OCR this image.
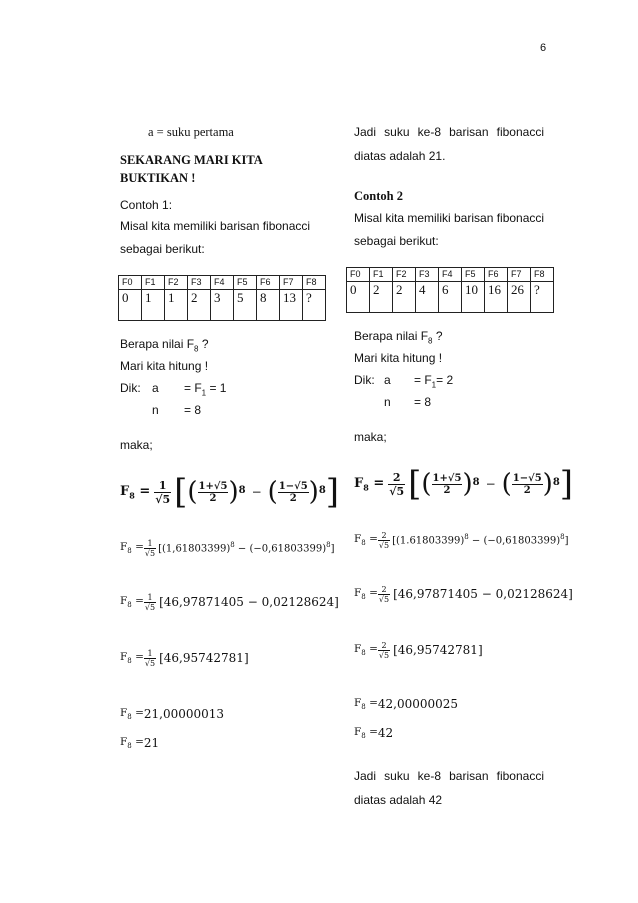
6
a = suku pertama
SEKARANG MARI KITA
BUKTIKAN !
Contoh 1:
Misal kita memiliki barisan fibonacci
sebagai berikut:
F0	F1	F2	F3	F4	F5	F6	F7	F8
0	1	1	2	3	5	8	13	?
Berapa nilai $F_8$ ?
Mari kita hitung !
Dik: $a = F_1 = 1$
n = 8
maka;
$F_8 = \frac{1}{√5}$ [ ( 1+√5
2 ) 8 − ( 1−√5
2 ) 8 ]
$F_8 = \frac{1}{√5} [(1,61803399)^8 - (-0,61803399)^8]$
$F_8 = \frac{1}{√5} [46,97871405 - 0,02128624]$
$F_8 = \frac{1}{√5} [46,95742781]$
$F_8 = 21,00000013$
$F_8 = 21$
Jadi suku ke-8 barisan fibonacci
diatas adalah 21.
Contoh 2
Misal kita memiliki barisan fibonacci
sebagai berikut:
F0	F1	F2	F3	F4	F5	F6	F7	F8
0	2	2	4	6	10	16	26	?
Berapa nilai $F_8$ ?
Mari kita hitung !
Dik: $a = F_1= 2$
n = 8
maka;
$F_8 = \frac{2}{√5}$ [ ( 1+√5
2 ) 8 − ( 1−√5
2 ) 8 ]
$F_8 = \frac{2}{√5} [(1.61803399)^8 - (-0,61803399)^8]$
$F_8 = \frac{2}{√5} [46,97871405 - 0,02128624]$
$F_8 = \frac{2}{√5} [46,95742781]$
$F_8 = 42,00000025$
$F_8 = 42$
Jadi suku ke-8 barisan fibonacci
diatas adalah 42
